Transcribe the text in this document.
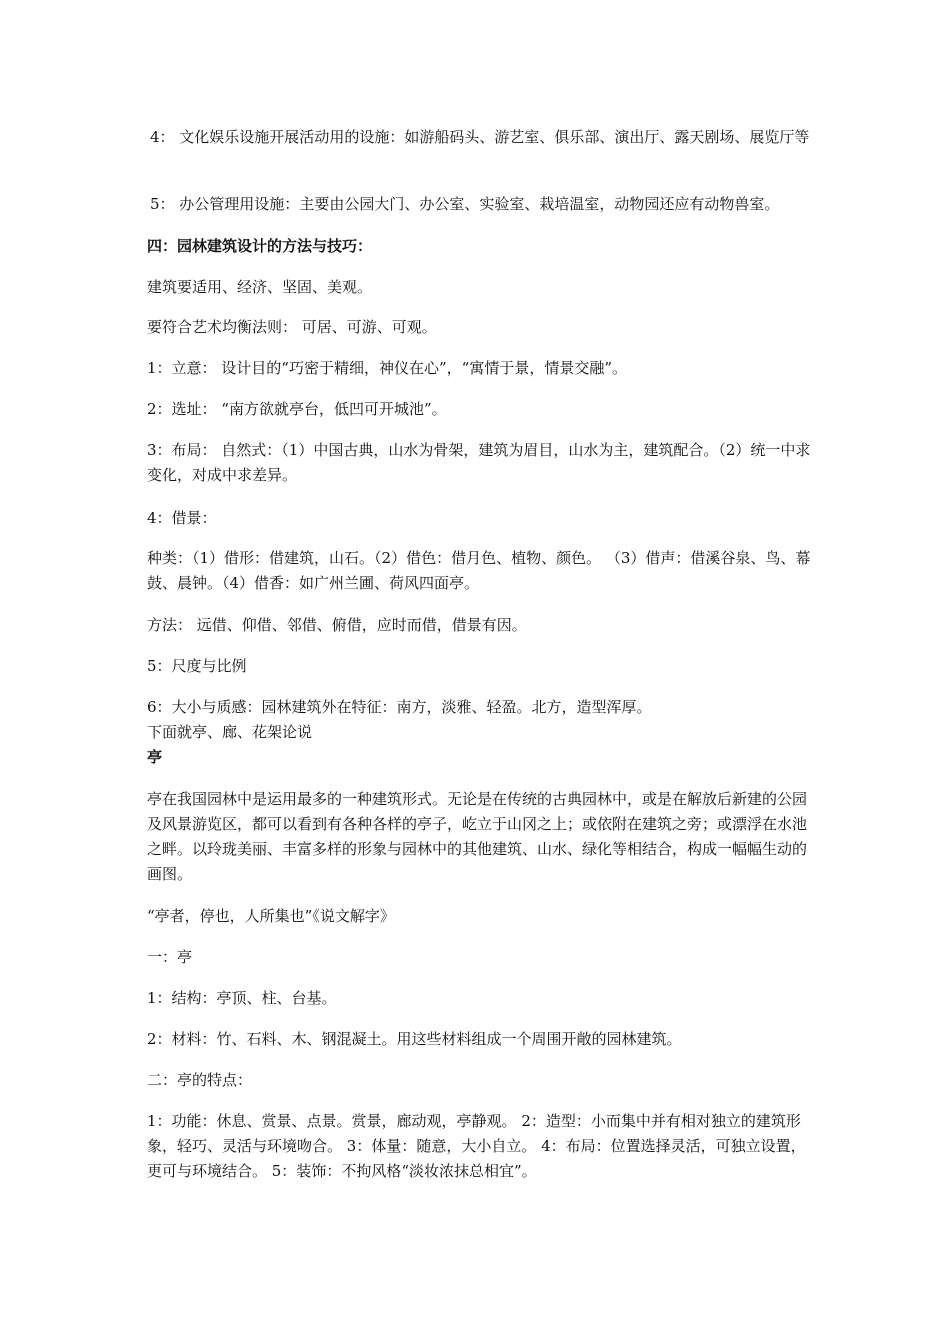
4： 文化娱乐设施开展活动用的设施：如游船码头、游艺室、俱乐部、演出厅、露天剧场、展览厅等
5： 办公管理用设施：主要由公园大门、办公室、实验室、栽培温室，动物园还应有动物兽室。
四：园林建筑设计的方法与技巧：
建筑要适用、经济、坚固、美观。
要符合艺术均衡法则： 可居、可游、可观。
1：立意： 设计目的“巧密于精细，神仪在心”，“寓情于景，情景交融”。
2：选址： “南方欲就亭台，低凹可开城池”。
3：布局： 自然式：（1）中国古典，山水为骨架，建筑为眉目，山水为主，建筑配合。（2）统一中求变化，对成中求差异。
4：借景：
种类：（1）借形：借建筑，山石。（2）借色：借月色、植物、颜色。 （3）借声：借溪谷泉、鸟、幕鼓、晨钟。（4）借香：如广州兰圃、荷风四面亭。
方法： 远借、仰借、邻借、俯借，应时而借，借景有因。
5：尺度与比例
6：大小与质感：园林建筑外在特征：南方，淡雅、轻盈。北方，造型浑厚。
下面就亭、廊、花架论说
亭
亭在我国园林中是运用最多的一种建筑形式。无论是在传统的古典园林中，或是在解放后新建的公园及风景游览区，都可以看到有各种各样的亭子，屹立于山冈之上；或依附在建筑之旁；或漂浮在水池之畔。以玲珑美丽、丰富多样的形象与园林中的其他建筑、山水、绿化等相结合，构成一幅幅生动的画图。
“亭者，停也，人所集也”《说文解字》
一：亭
1：结构：亭顶、柱、台基。
2：材料：竹、石料、木、钢混凝土。用这些材料组成一个周围开敞的园林建筑。
二：亭的特点：
1：功能：休息、赏景、点景。赏景，廊动观，亭静观。 2：造型：小而集中并有相对独立的建筑形象，轻巧、灵活与环境吻合。 3：体量：随意，大小自立。 4：布局：位置选择灵活，可独立设置，更可与环境结合。 5：装饰：不拘风格“淡妆浓抹总相宜”。
